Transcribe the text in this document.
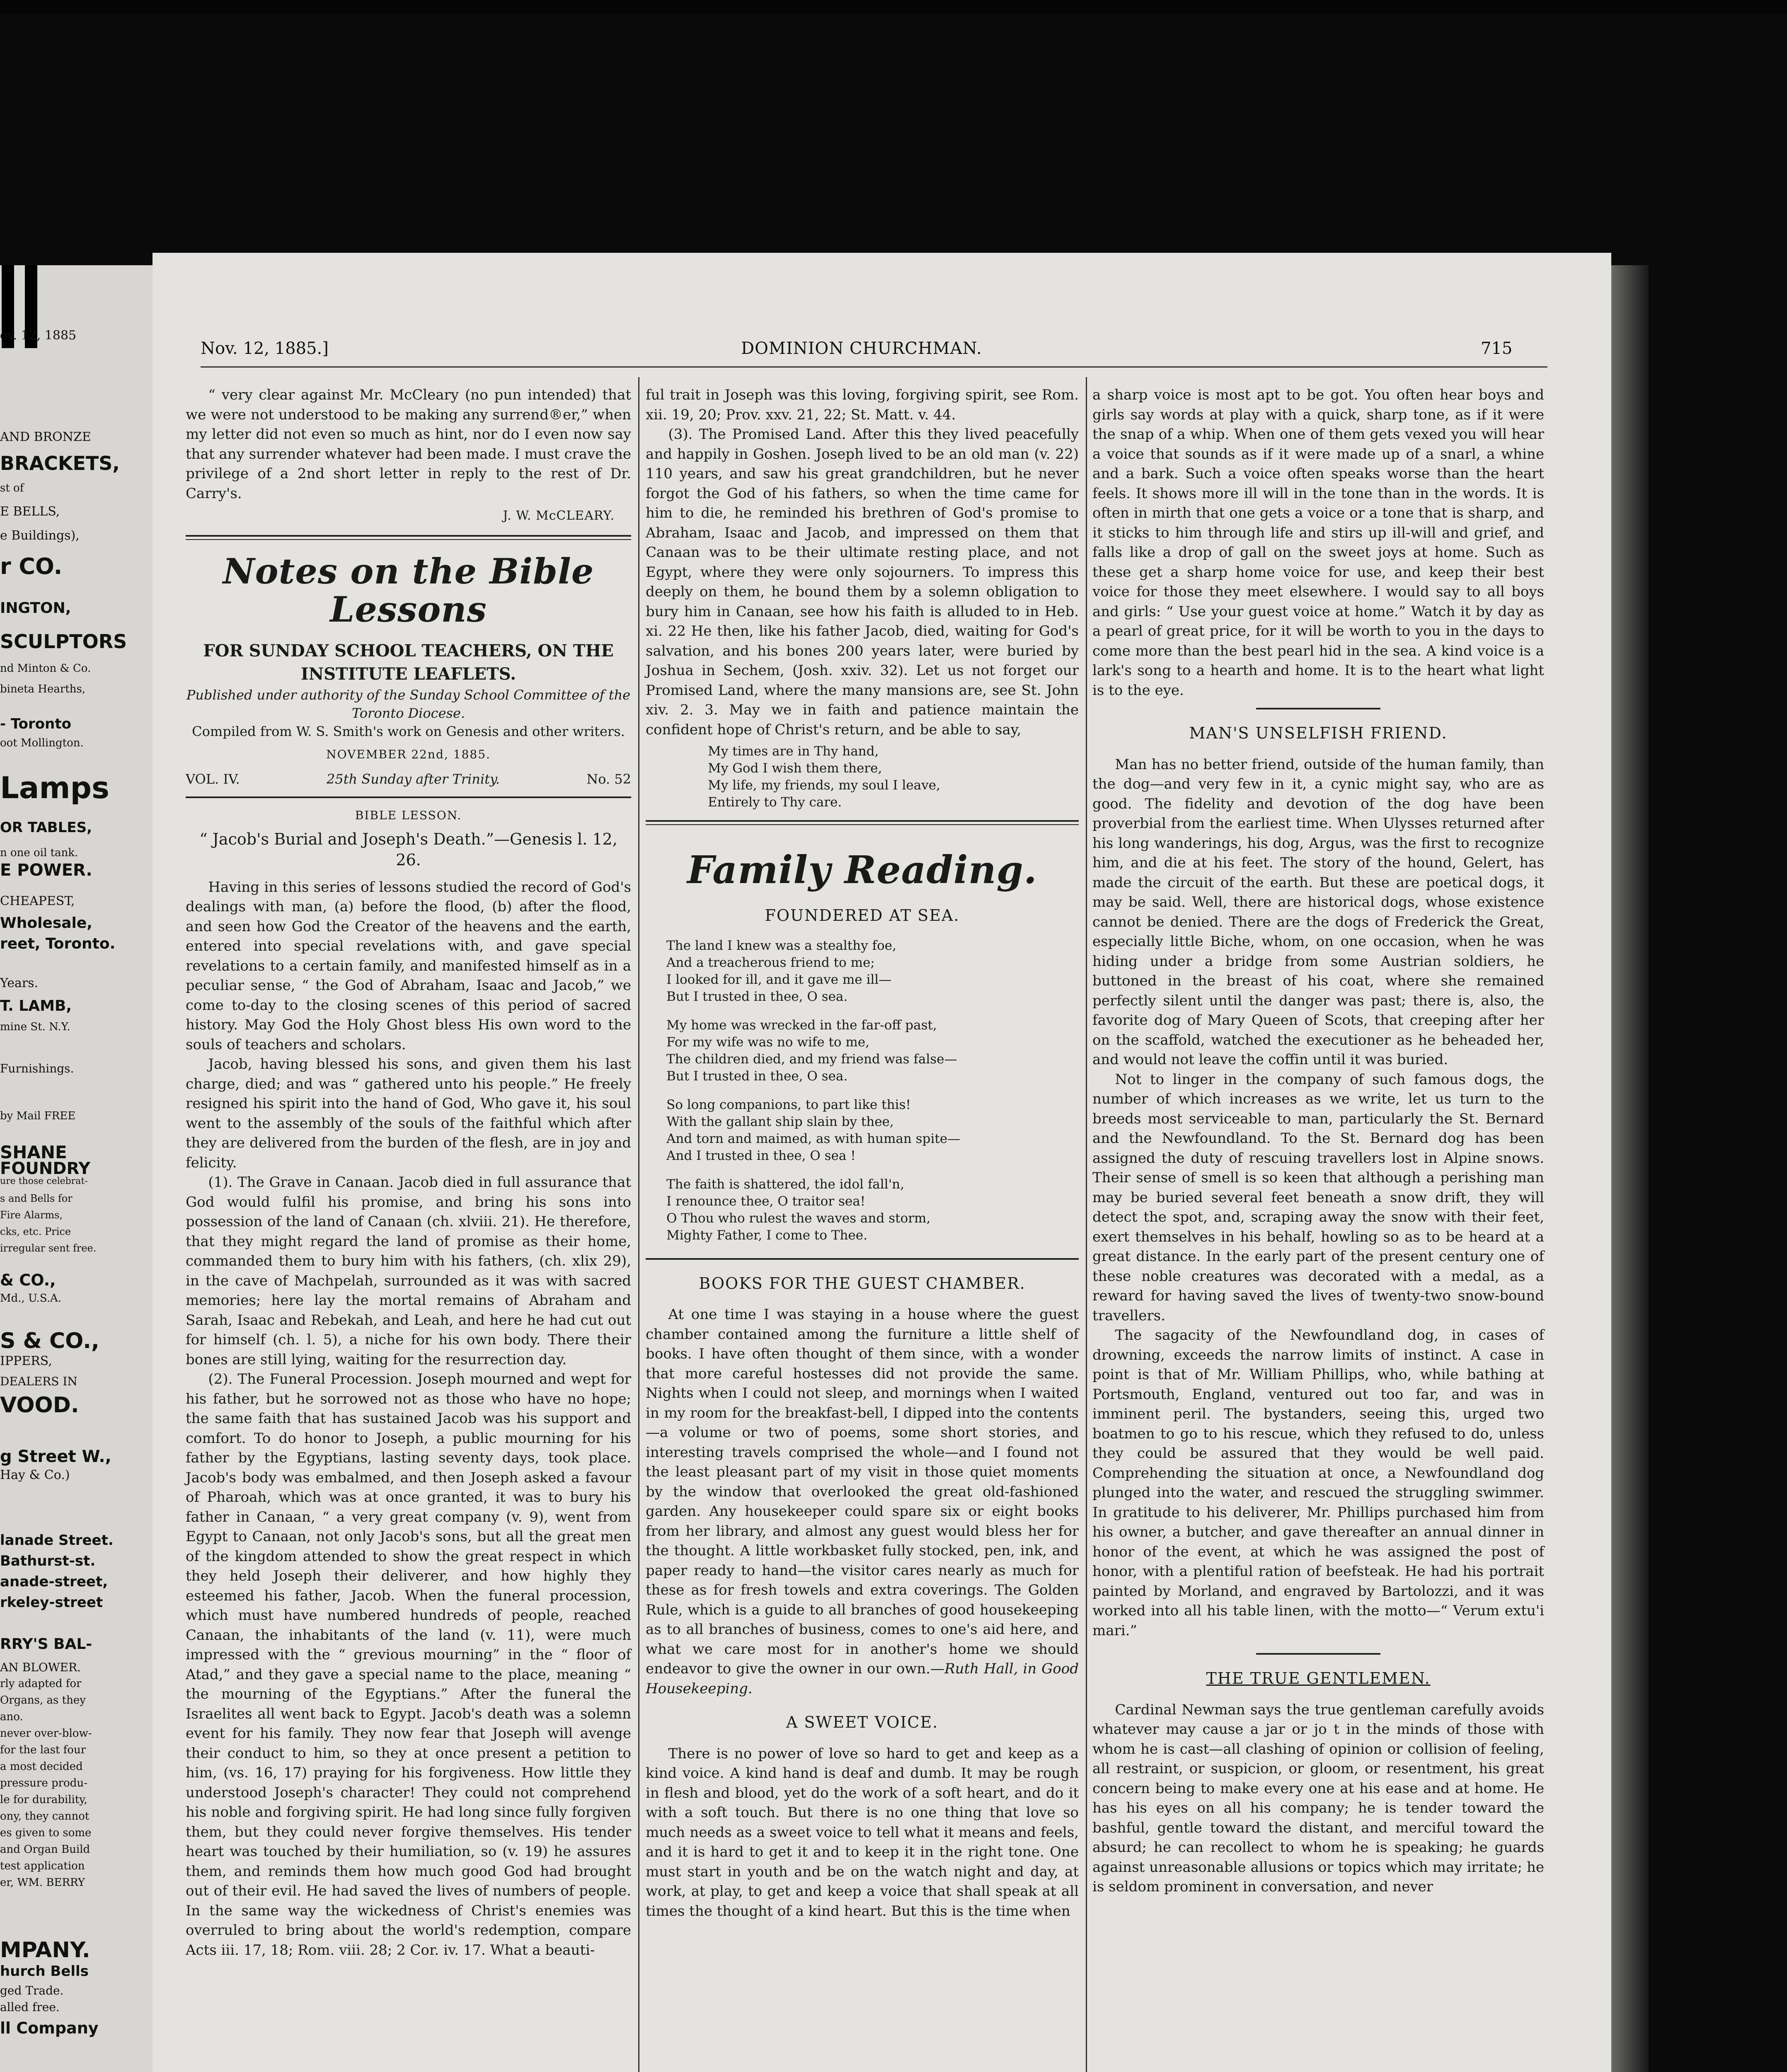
ov. 12, 1885
AND BRONZE
BRACKETS,
st of
E BELLS,
e Buildings),
r CO.
INGTON,
SCULPTORS
nd Minton & Co.
bineta Hearths,
- Toronto
oot Mollington.
Lamps
OR TABLES,
n one oil tank.
E POWER.
CHEAPEST,
Wholesale,
reet, Toronto.
Years.
T. LAMB,
mine St. N.Y.
Furnishings.
by Mail FREE
SHANE
FOUNDRY
ure those celebrat-
s and Bells for
Fire Alarms,
cks, etc. Price
irregular sent free.
& CO.,
Md., U.S.A.
S & CO.,
IPPERS,
DEALERS IN
VOOD.
g Street W.,
Hay & Co.)
lanade Street.
Bathurst-st.
anade-street,
rkeley-street
RRY'S BAL-
AN BLOWER.
rly adapted for
Organs, as they
ano.
never over-blow-
for the last four
a most decided
pressure produ-
le for durability,
ony, they cannot
es given to some
and Organ Build
test application
er, WM. BERRY
MPANY.
hurch Bells
ged Trade.
alled free.
ll Company
Nov. 12, 1885.]	DOMINION CHURCHMAN.	715

“ very clear against Mr. McCleary (no pun intended) that we were not understood to be making any surrend®er,” when my letter did not even so much as hint, nor do I even now say that any surrender whatever had been made. I must crave the privilege of a 2nd short letter in reply to the rest of Dr. Carry's.

J. W. McCLEARY.

Notes on the Bible Lessons

FOR SUNDAY SCHOOL TEACHERS, ON THE INSTITUTE LEAFLETS.

Published under authority of the Sunday School Committee of the Toronto Diocese.

Compiled from W. S. Smith's work on Genesis and other writers.

NOVEMBER 22nd, 1885.

VOL. IV.	25th Sunday after Trinity.	No. 52

BIBLE LESSON.

“ Jacob's Burial and Joseph's Death.”—Genesis l. 12, 26.

Having in this series of lessons studied the record of God's dealings with man, (a) before the flood, (b) after the flood, and seen how God the Creator of the heavens and the earth, entered into special revelations with, and gave special revelations to a certain family, and manifested himself as in a peculiar sense, “ the God of Abraham, Isaac and Jacob,” we come to-day to the closing scenes of this period of sacred history. May God the Holy Ghost bless His own word to the souls of teachers and scholars.

Jacob, having blessed his sons, and given them his last charge, died; and was “ gathered unto his people.” He freely resigned his spirit into the hand of God, Who gave it, his soul went to the assembly of the souls of the faithful which after they are delivered from the burden of the flesh, are in joy and felicity.

(1). The Grave in Canaan. Jacob died in full assurance that God would fulfil his promise, and bring his sons into possession of the land of Canaan (ch. xlviii. 21). He therefore, that they might regard the land of promise as their home, commanded them to bury him with his fathers, (ch. xlix 29), in the cave of Machpelah, surrounded as it was with sacred memories; here lay the mortal remains of Abraham and Sarah, Isaac and Rebekah, and Leah, and here he had cut out for himself (ch. l. 5), a niche for his own body. There their bones are still lying, waiting for the resurrection day.

(2). The Funeral Procession. Joseph mourned and wept for his father, but he sorrowed not as those who have no hope; the same faith that has sustained Jacob was his support and comfort. To do honor to Joseph, a public mourning for his father by the Egyptians, lasting seventy days, took place. Jacob's body was embalmed, and then Joseph asked a favour of Pharoah, which was at once granted, it was to bury his father in Canaan, “ a very great company (v. 9), went from Egypt to Canaan, not only Jacob's sons, but all the great men of the kingdom attended to show the great respect in which they held Joseph their deliverer, and how highly they esteemed his father, Jacob. When the funeral procession, which must have numbered hundreds of people, reached Canaan, the inhabitants of the land (v. 11), were much impressed with the “ grevious mourning” in the “ floor of Atad,” and they gave a special name to the place, meaning “ the mourning of the Egyptians.” After the funeral the Israelites all went back to Egypt. Jacob's death was a solemn event for his family. They now fear that Joseph will avenge their conduct to him, so they at once present a petition to him, (vs. 16, 17) praying for his forgiveness. How little they understood Joseph's character! They could not comprehend his noble and forgiving spirit. He had long since fully forgiven them, but they could never forgive themselves. His tender heart was touched by their humiliation, so (v. 19) he assures them, and reminds them how much good God had brought out of their evil. He had saved the lives of numbers of people. In the same way the wickedness of Christ's enemies was overruled to bring about the world's redemption, compare Acts iii. 17, 18; Rom. viii. 28; 2 Cor. iv. 17. What a beauti-

ful trait in Joseph was this loving, forgiving spirit, see Rom. xii. 19, 20; Prov. xxv. 21, 22; St. Matt. v. 44.

(3). The Promised Land. After this they lived peacefully and happily in Goshen. Joseph lived to be an old man (v. 22) 110 years, and saw his great grandchildren, but he never forgot the God of his fathers, so when the time came for him to die, he reminded his brethren of God's promise to Abraham, Isaac and Jacob, and impressed on them that Canaan was to be their ultimate resting place, and not Egypt, where they were only sojourners. To impress this deeply on them, he bound them by a solemn obligation to bury him in Canaan, see how his faith is alluded to in Heb. xi. 22 He then, like his father Jacob, died, waiting for God's salvation, and his bones 200 years later, were buried by Joshua in Sechem, (Josh. xxiv. 32). Let us not forget our Promised Land, where the many mansions are, see St. John xiv. 2. 3. May we in faith and patience maintain the confident hope of Christ's return, and be able to say,

My times are in Thy hand,
My God I wish them there,
My life, my friends, my soul I leave,
Entirely to Thy care.

Family Reading.

FOUNDERED AT SEA.

The land I knew was a stealthy foe,
And a treacherous friend to me;
I looked for ill, and it gave me ill—
But I trusted in thee, O sea.
My home was wrecked in the far-off past,
For my wife was no wife to me,
The children died, and my friend was false—
But I trusted in thee, O sea.
So long companions, to part like this!
With the gallant ship slain by thee,
And torn and maimed, as with human spite—
And I trusted in thee, O sea !
The faith is shattered, the idol fall'n,
I renounce thee, O traitor sea!
O Thou who rulest the waves and storm,
Mighty Father, I come to Thee.

BOOKS FOR THE GUEST CHAMBER.

At one time I was staying in a house where the guest chamber contained among the furniture a little shelf of books. I have often thought of them since, with a wonder that more careful hostesses did not provide the same. Nights when I could not sleep, and mornings when I waited in my room for the breakfast-bell, I dipped into the contents—a volume or two of poems, some short stories, and interesting travels comprised the whole—and I found not the least pleasant part of my visit in those quiet moments by the window that overlooked the great old-fashioned garden. Any housekeeper could spare six or eight books from her library, and almost any guest would bless her for the thought. A little workbasket fully stocked, pen, ink, and paper ready to hand—the visitor cares nearly as much for these as for fresh towels and extra coverings. The Golden Rule, which is a guide to all branches of good housekeeping as to all branches of business, comes to one's aid here, and what we care most for in another's home we should endeavor to give the owner in our own.—Ruth Hall, in Good Housekeeping.

A SWEET VOICE.

There is no power of love so hard to get and keep as a kind voice. A kind hand is deaf and dumb. It may be rough in flesh and blood, yet do the work of a soft heart, and do it with a soft touch. But there is no one thing that love so much needs as a sweet voice to tell what it means and feels, and it is hard to get it and to keep it in the right tone. One must start in youth and be on the watch night and day, at work, at play, to get and keep a voice that shall speak at all times the thought of a kind heart. But this is the time when

a sharp voice is most apt to be got. You often hear boys and girls say words at play with a quick, sharp tone, as if it were the snap of a whip. When one of them gets vexed you will hear a voice that sounds as if it were made up of a snarl, a whine and a bark. Such a voice often speaks worse than the heart feels. It shows more ill will in the tone than in the words. It is often in mirth that one gets a voice or a tone that is sharp, and it sticks to him through life and stirs up ill-will and grief, and falls like a drop of gall on the sweet joys at home. Such as these get a sharp home voice for use, and keep their best voice for those they meet elsewhere. I would say to all boys and girls: “ Use your guest voice at home.” Watch it by day as a pearl of great price, for it will be worth to you in the days to come more than the best pearl hid in the sea. A kind voice is a lark's song to a hearth and home. It is to the heart what light is to the eye.

MAN'S UNSELFISH FRIEND.

Man has no better friend, outside of the human family, than the dog—and very few in it, a cynic might say, who are as good. The fidelity and devotion of the dog have been proverbial from the earliest time. When Ulysses returned after his long wanderings, his dog, Argus, was the first to recognize him, and die at his feet. The story of the hound, Gelert, has made the circuit of the earth. But these are poetical dogs, it may be said. Well, there are historical dogs, whose existence cannot be denied. There are the dogs of Frederick the Great, especially little Biche, whom, on one occasion, when he was hiding under a bridge from some Austrian soldiers, he buttoned in the breast of his coat, where she remained perfectly silent until the danger was past; there is, also, the favorite dog of Mary Queen of Scots, that creeping after her on the scaffold, watched the executioner as he beheaded her, and would not leave the coffin until it was buried.

Not to linger in the company of such famous dogs, the number of which increases as we write, let us turn to the breeds most serviceable to man, particularly the St. Bernard and the Newfoundland. To the St. Bernard dog has been assigned the duty of rescuing travellers lost in Alpine snows. Their sense of smell is so keen that although a perishing man may be buried several feet beneath a snow drift, they will detect the spot, and, scraping away the snow with their feet, exert themselves in his behalf, howling so as to be heard at a great distance. In the early part of the present century one of these noble creatures was decorated with a medal, as a reward for having saved the lives of twenty-two snow-bound travellers.

The sagacity of the Newfoundland dog, in cases of drowning, exceeds the narrow limits of instinct. A case in point is that of Mr. William Phillips, who, while bathing at Portsmouth, England, ventured out too far, and was in imminent peril. The bystanders, seeing this, urged two boatmen to go to his rescue, which they refused to do, unless they could be assured that they would be well paid. Comprehending the situation at once, a Newfoundland dog plunged into the water, and rescued the struggling swimmer. In gratitude to his deliverer, Mr. Phillips purchased him from his owner, a butcher, and gave thereafter an annual dinner in honor of the event, at which he was assigned the post of honor, with a plentiful ration of beefsteak. He had his portrait painted by Morland, and engraved by Bartolozzi, and it was worked into all his table linen, with the motto—“ Verum extu'i mari.”

THE TRUE GENTLEMEN.

Cardinal Newman says the true gentleman carefully avoids whatever may cause a jar or jo t in the minds of those with whom he is cast—all clashing of opinion or collision of feeling, all restraint, or suspicion, or gloom, or resentment, his great concern being to make every one at his ease and at home. He has his eyes on all his company; he is tender toward the bashful, gentle toward the distant, and merciful toward the absurd; he can recollect to whom he is speaking; he guards against unreasonable allusions or topics which may irritate; he is seldom prominent in conversation, and never
